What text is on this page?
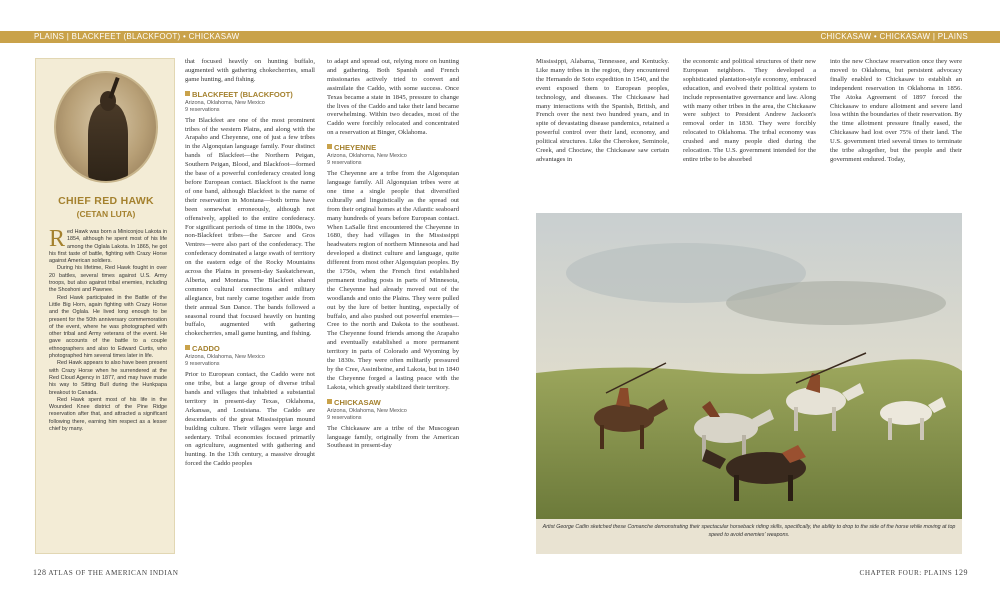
PLAINS | BLACKFEET (BLACKFOOT) • CHICKASAW
CHIEF RED HAWK
(CETAN LUTA)

Red Hawk was born a Miniconjou Lakota in 1854, although he spent most of his life among the Oglala Lakota. In 1865, he got his first taste of battle, fighting with Crazy Horse against American soldiers.

During his lifetime, Red Hawk fought in over 20 battles, several times against U.S. Army troops, but also against tribal enemies, including the Shoshoni and Pawnee.

Red Hawk participated in the Battle of the Little Big Horn, again fighting with Crazy Horse and the Oglala. He lived long enough to be present for the 50th anniversary commemoration of the event, where he was photographed with other tribal and Army veterans of the event. He gave accounts of the battle to a couple ethnographers and also to Edward Curtis, who photographed him several times later in life.

Red Hawk appears to also have been present with Crazy Horse when he surrendered at the Red Cloud Agency in 1877, and may have made his way to Sitting Bull during the Hunkpapa breakout to Canada.

Red Hawk spent most of his life in the Wounded Knee district of the Pine Ridge reservation after that, and attracted a significant following there, earning him respect as a lesser chief by many.

that focused heavily on hunting buffalo, augmented with gathering chokecherries, small game hunting, and fishing.

BLACKFEET (BLACKFOOT)
Arizona, Oklahoma, New Mexico
9 reservations

The Blackfeet are one of the most prominent tribes of the western Plains, and along with the Arapaho and Cheyenne, one of just a few tribes in the Algonquian language family. Four distinct bands of Blackfeet—the Northern Peigan, Southern Peigan, Blood, and Blackfoot—formed the base of a powerful confederacy created long before European contact. Blackfoot is the name of one band, although Blackfeet is the name of their reservation in Montana—both terms have been somewhat erroneously, although not offensively, applied to the entire confederacy. For significant periods of time in the 1800s, two non-Blackfeet tribes—the Sarcee and Gros Ventres—were also part of the confederacy. The confederacy dominated a large swath of territory on the eastern edge of the Rocky Mountains across the Plains in present-day Saskatchewan, Alberta, and Montana. The Blackfeet shared common cultural connections and military allegiance, but rarely came together aside from their annual Sun Dance. The bands followed a seasonal round that focused heavily on hunting buffalo, augmented with gathering chokecherries, small game hunting, and fishing.

CADDO
Arizona, Oklahoma, New Mexico
9 reservations

Prior to European contact, the Caddo were not one tribe, but a large group of diverse tribal bands and villages that inhabited a substantial territory in present-day Texas, Oklahoma, Arkansas, and Louisiana. The Caddo are descendants of the great Mississippian mound building culture. Their villages were large and sedentary. Tribal economies focused primarily on agriculture, augmented with gathering and hunting. In the 13th century, a massive drought forced the Caddo peoples

to adapt and spread out, relying more on hunting and gathering. Both Spanish and French missionaries actively tried to convert and assimilate the Caddo, with some success. Once Texas became a state in 1845, pressure to change the lives of the Caddo and take their land became overwhelming. Within two decades, most of the Caddo were forcibly relocated and concentrated on a reservation at Binger, Oklahoma.

CHEYENNE
Arizona, Oklahoma, New Mexico
9 reservations

The Cheyenne are a tribe from the Algonquian language family. All Algonquian tribes were at one time a single people that diversified culturally and linguistically as the spread out from their original homes at the Atlantic seaboard many hundreds of years before European contact. When LaSalle first encountered the Cheyenne in 1680, they had villages in the Mississippi headwaters region of northern Minnesota and had developed a distinct culture and language, quite different from most other Algonquian peoples. By the 1750s, when the French first established permanent trading posts in parts of Minnesota, the Cheyenne had already moved out of the woodlands and onto the Plains. They were pulled out by the lure of better hunting, especially of buffalo, and also pushed out powerful enemies—Cree to the north and Dakota to the southeast. The Cheyenne found friends among the Arapaho and eventually established a more permanent territory in parts of Colorado and Wyoming by the 1830s. They were often militarily pressured by the Cree, Assiniboine, and Lakota, but in 1840 the Cheyenne forged a lasting peace with the Lakota, which greatly stabilized their territory.

CHICKASAW
Arizona, Oklahoma, New Mexico
9 reservations

The Chickasaw are a tribe of the Muscogean language family, originally from the American Southeast in present-day

128 ATLAS OF THE AMERICAN INDIAN
CHICKASAW • CHICKASAW | PLAINS
CHAPTER FOUR: PLAINS 129

Mississippi, Alabama, Tennessee, and Kentucky. Like many tribes in the region, they encountered the Hernando de Soto expedition in 1540, and the event exposed them to European peoples, technology, and diseases. The Chickasaw had many interactions with the Spanish, British, and French over the next two hundred years, and in spite of devastating disease pandemics, retained a powerful control over their land, economy, and political structures. Like the Cherokee, Seminole, Creek, and Choctaw, the Chickasaw saw certain advantages in

the economic and political structures of their new European neighbors. They developed a sophisticated plantation-style economy, embraced education, and evolved their political system to include representative governance and law. Along with many other tribes in the area, the Chickasaw were subject to President Andrew Jackson's removal order in 1830. They were forcibly relocated to Oklahoma. The tribal economy was crushed and many people died during the relocation. The U.S. government intended for the entire tribe to be absorbed

into the new Choctaw reservation once they were moved to Oklahoma, but persistent advocacy finally enabled to Chickasaw to establish an independent reservation in Oklahoma in 1856. The Atoka Agreement of 1897 forced the Chickasaw to endure allotment and severe land loss within the boundaries of their reservation. By the time allotment pressure finally eased, the Chickasaw had lost over 75% of their land. The U.S. government tried several times to terminate the tribe altogether, but the people and their government endured. Today,

Artist George Catlin sketched these Comanche demonstrating their spectacular horseback riding skills, specifically, the ability to drop to the side of the horse while moving at top speed to avoid enemies' weapons.
